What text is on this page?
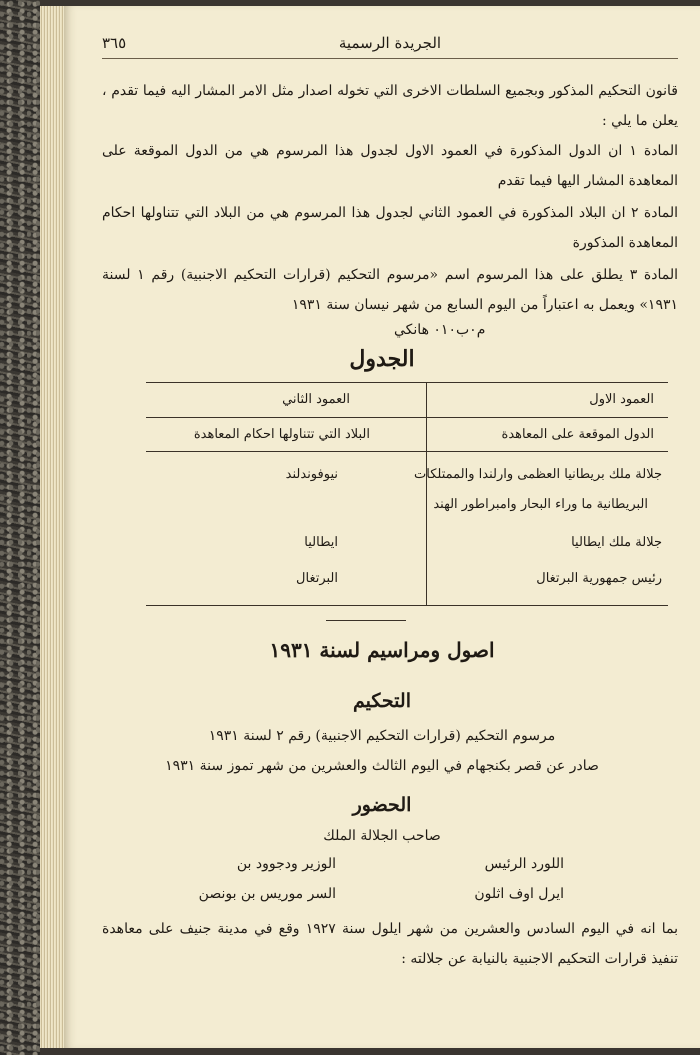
٣٦٥	الجريدة الرسمية
قانون التحكيم المذكور وبجميع السلطات الاخرى التي تخوله اصدار مثل الامر المشار اليه فيما تقدم ، يعلن ما يلي :
المادة ١ ان الدول المذكورة في العمود الاول لجدول هذا المرسوم هي من الدول الموقعة على المعاهدة المشار اليها فيما تقدم
المادة ٢ ان البلاد المذكورة في العمود الثاني لجدول هذا المرسوم هي من البلاد التي تتناولها احكام المعاهدة المذكورة
المادة ٣ يطلق على هذا المرسوم اسم «مرسوم التحكيم (قرارات التحكيم الاجنبية) رقم ١ لسنة ١٩٣١» ويعمل به اعتباراً من اليوم السابع من شهر نيسان سنة ١٩٣١
م٠ب٠١٠ هانكي
الجدول
العمود الاول
العمود الثاني
الدول الموقعة على المعاهدة
البلاد التي تتناولها احكام المعاهدة
جلالة ملك بريطانيا العظمى وارلندا والممتلكات
نيوفوندلند
البريطانية ما وراء البحار وامبراطور الهند
جلالة ملك ايطاليا
ايطاليا
رئيس جمهورية البرتغال
البرتغال
اصول ومراسيم لسنة ١٩٣١
التحكيم
مرسوم التحكيم (قرارات التحكيم الاجنبية) رقم ٢ لسنة ١٩٣١
صادر عن قصر بكنجهام في اليوم الثالث والعشرين من شهر تموز سنة ١٩٣١
الحضور
صاحب الجلالة الملك
اللورد الرئيس
الوزير ودجوود بن
ايرل اوف اثلون
السر موريس بن بونصن
بما انه في اليوم السادس والعشرين من شهر ايلول سنة ١٩٢٧ وقع في مدينة جنيف على معاهدة تنفيذ قرارات التحكيم الاجنبية بالنيابة عن جلالته :
